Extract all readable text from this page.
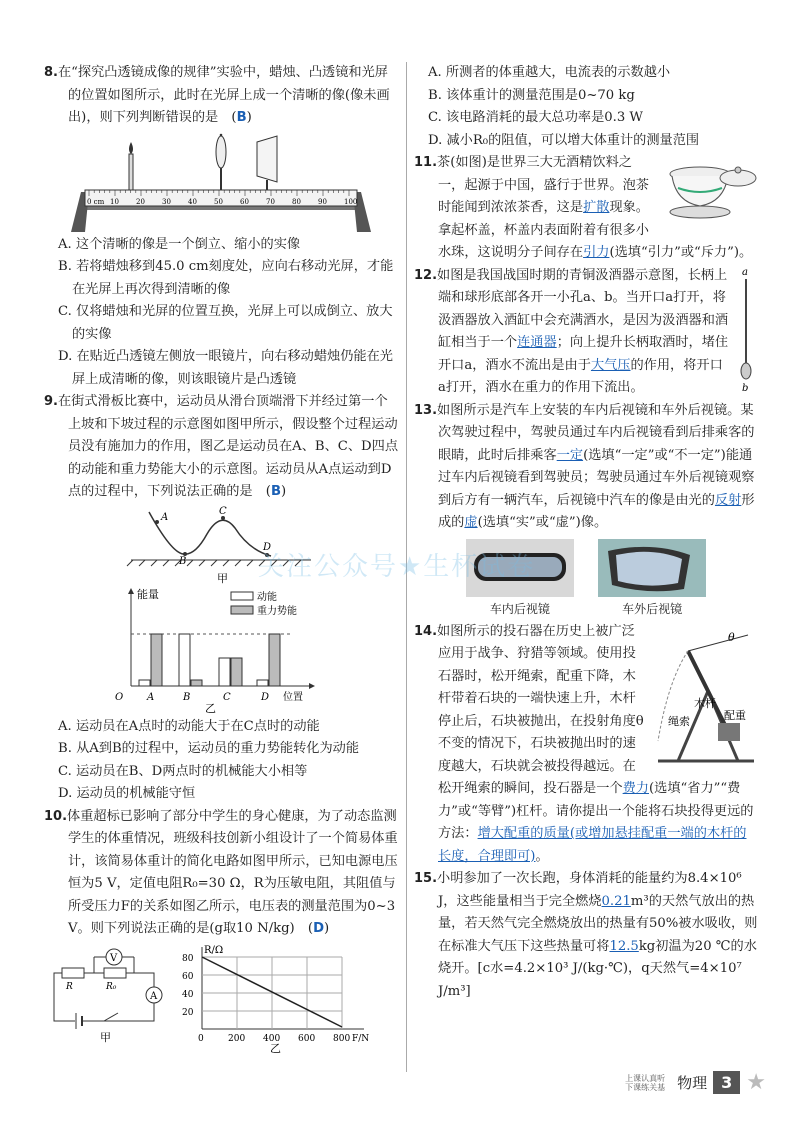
8.在“探究凸透镜成像的规律”实验中，蜡烛、凸透镜和光屏的位置如图所示，此时在光屏上成一个清晰的像(像未画出)，则下列判断错误的是　(B)

0 cm 10 20 30 40 50 60 70 80 90 100

A. 这个清晰的像是一个倒立、缩小的实像

B. 若将蜡烛移到45.0 cm刻度处，应向右移动光屏，才能在光屏上再次得到清晰的像

C. 仅将蜡烛和光屏的位置互换，光屏上可以成倒立、放大的实像

D. 在贴近凸透镜左侧放一眼镜片，向右移动蜡烛仍能在光屏上成清晰的像，则该眼镜片是凸透镜

9.在街式滑板比赛中，运动员从滑台顶端滑下并经过第一个上坡和下坡过程的示意图如图甲所示，假设整个过程运动员没有施加力的作用，图乙是运动员在A、B、C、D四点的动能和重力势能大小的示意图。运动员从A点运动到D点的过程中，下列说法正确的是　(B)

A
B
C
D
甲
能量	动能
重力势能
O A	B	C	D 位置
乙

A. 运动员在A点时的动能大于在C点时的动能

B. 从A到B的过程中，运动员的重力势能转化为动能

C. 运动员在B、D两点时的机械能大小相等

D. 运动员的机械能守恒

10.体重超标已影响了部分中学生的身心健康，为了动态监测学生的体重情况，班级科技创新小组设计了一个简易体重计，该简易体重计的简化电路如图甲所示，已知电源电压恒为5 V，定值电阻R₀=30 Ω，R为压敏电阻，其阻值与所受压力F的关系如图乙所示，电压表的测量范围为0~3 V。则下列说法正确的是(g取10 N/kg)　(D)

V
R	R₀
A
甲
R/Ω
80
60
40
20
0	200 400 600 800 F/N
乙

A. 所测者的体重越大，电流表的示数越小

B. 该体重计的测量范围是0~70 kg

C. 该电路消耗的最大总功率是0.3 W

D. 减小R₀的阻值，可以增大体重计的测量范围

11.茶(如图)是世界三大无酒精饮料之一，起源于中国，盛行于世界。泡茶时能闻到浓浓茶香，这是扩散现象。拿起杯盖，杯盖内表面附着有很多小水珠，这说明分子间存在引力(选填“引力”或“斥力”)。

a
b

12.如图是我国战国时期的青铜汲酒器示意图，长柄上端和球形底部各开一小孔a、b。当开口a打开，将汲酒器放入酒缸中会充满酒水，是因为汲酒器和酒缸相当于一个连通器；向上提升长柄取酒时，堵住开口a，酒水不流出是由于大气压的作用，将开口a打开，酒水在重力的作用下流出。

13.如图所示是汽车上安装的车内后视镜和车外后视镜。某次驾驶过程中，驾驶员通过车内后视镜看到后排乘客的眼睛，此时后排乘客一定(选填“一定”或“不一定”)能通过车内后视镜看到驾驶员；驾驶员通过车外后视镜观察到后方有一辆汽车，后视镜中汽车的像是由光的反射形成的虚(选填“实”或“虚”)像。

车内后视镜
	车外后视镜
θ
木杆
绳索	配重

14.如图所示的投石器在历史上被广泛应用于战争、狩猎等领域。使用投石器时，松开绳索，配重下降，木杆带着石块的一端快速上升，木杆停止后，石块被抛出，在投射角度θ不变的情况下，石块被抛出时的速度越大，石块就会被投得越远。在松开绳索的瞬间，投石器是一个费力(选填“省力”“费力”或“等臂”)杠杆。请你提出一个能将石块投得更远的方法：增大配重的质量(或增加悬挂配重一端的木杆的长度，合理即可)。

15.小明参加了一次长跑，身体消耗的能量约为8.4×10⁶ J，这些能量相当于完全燃烧0.21m³的天然气放出的热量，若天然气完全燃烧放出的热量有50%被水吸收，则在标准大气压下这些热量可将12.5kg初温为20 ℃的水烧开。[c水=4.2×10³ J/(kg·℃)，q天然气=4×10⁷ J/m³]

关注公众号★生杯试卷
上课认真听 下课练关基 物理 3 ★
